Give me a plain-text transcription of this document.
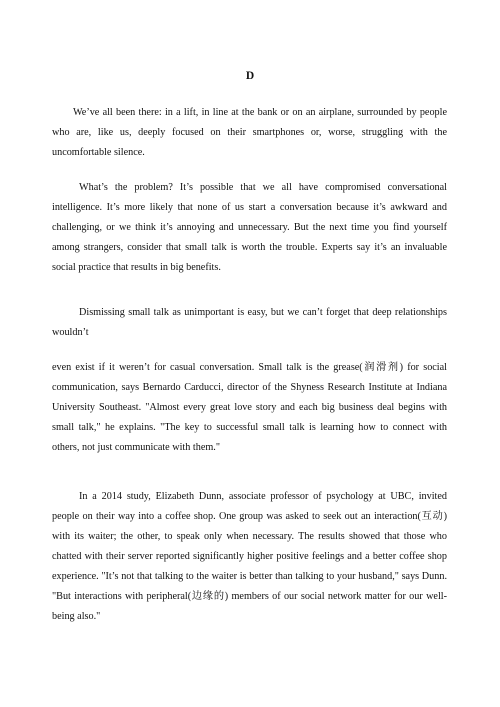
D

We’ve all been there: in a lift, in line at the bank or on an airplane, surrounded by people who are, like us, deeply focused on their smartphones or, worse, struggling with the uncomfortable silence.

What’s the problem? It’s possible that we all have compromised conversational intelligence. It’s more likely that none of us start a conversation because it’s awkward and challenging, or we think it’s annoying and unnecessary. But the next time you find yourself among strangers, consider that small talk is worth the trouble. Experts say it’s an invaluable social practice that results in big benefits.

Dismissing small talk as unimportant is easy, but we can’t forget that deep relationships wouldn’t

even exist if it weren’t for casual conversation. Small talk is the grease(润滑剂) for social communication, says Bernardo Carducci, director of the Shyness Research Institute at Indiana University Southeast. "Almost every great love story and each big business deal begins with small talk," he explains. "The key to successful small talk is learning how to connect with others, not just communicate with them."

In a 2014 study, Elizabeth Dunn, associate professor of psychology at UBC, invited people on their way into a coffee shop. One group was asked to seek out an interaction(互动) with its waiter; the other, to speak only when necessary. The results showed that those who chatted with their server reported significantly higher positive feelings and a better coffee shop experience. "It’s not that talking to the waiter is better than talking to your husband," says Dunn. "But interactions with peripheral(边缘的) members of our social network matter for our well-being also."
